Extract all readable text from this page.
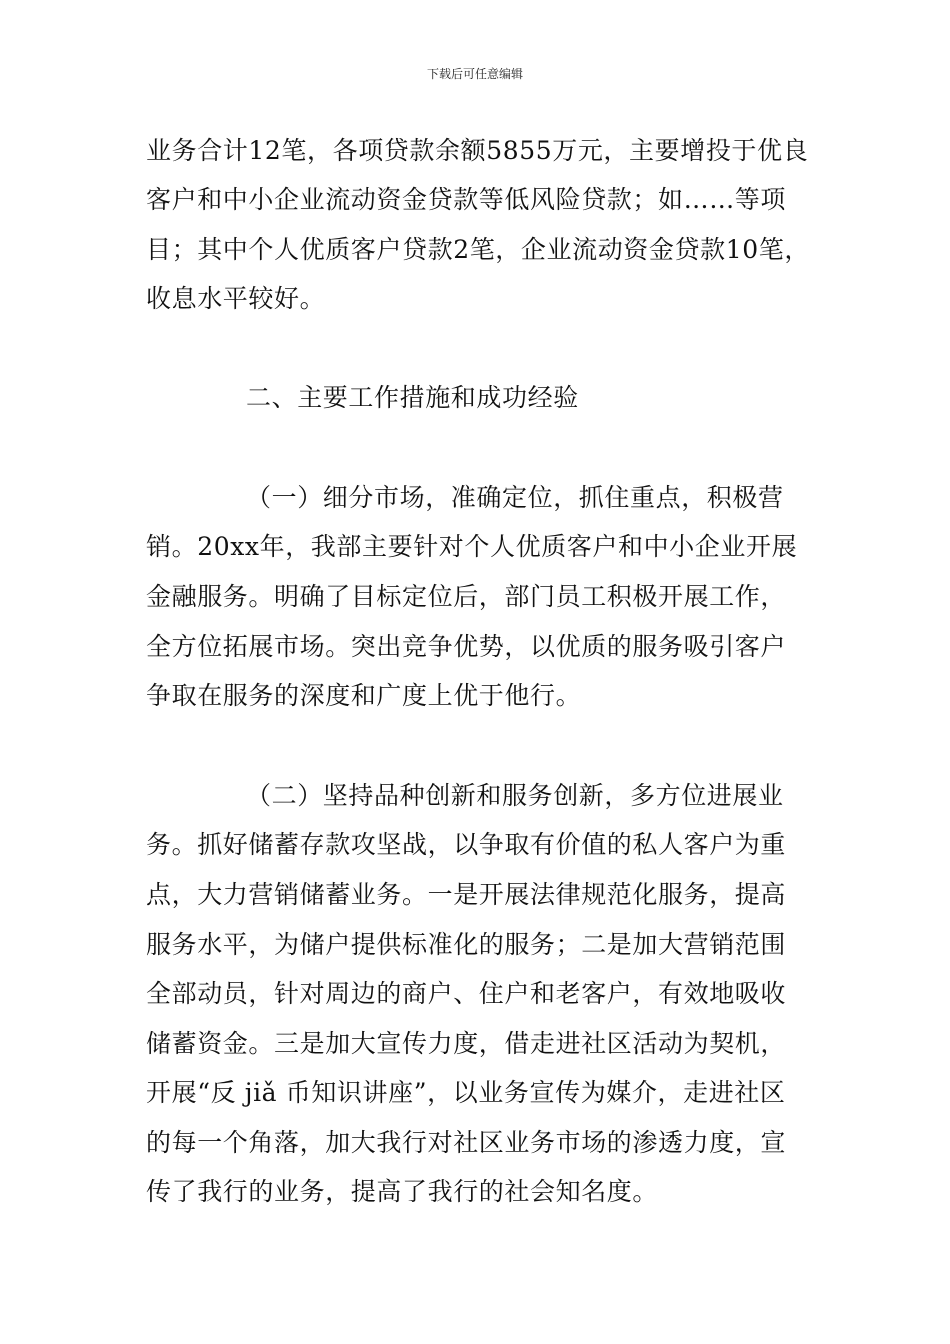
下载后可任意编辑
业务合计12笔，各项贷款余额5855万元，主要增投于优良
客户和中小企业流动资金贷款等低风险贷款；如……等项
目；其中个人优质客户贷款2笔，企业流动资金贷款10笔，
收息水平较好。
二、主要工作措施和成功经验
（一）细分市场，准确定位，抓住重点，积极营
销。20xx年，我部主要针对个人优质客户和中小企业开展
金融服务。明确了目标定位后，部门员工积极开展工作，
全方位拓展市场。突出竞争优势，以优质的服务吸引客户
争取在服务的深度和广度上优于他行。
（二）坚持品种创新和服务创新，多方位进展业
务。抓好储蓄存款攻坚战，以争取有价值的私人客户为重
点，大力营销储蓄业务。一是开展法律规范化服务，提高
服务水平，为储户提供标准化的服务；二是加大营销范围
全部动员，针对周边的商户、住户和老客户，有效地吸收
储蓄资金。三是加大宣传力度，借走进社区活动为契机，
开展“反 jiǎ 币知识讲座”，以业务宣传为媒介，走进社区
的每一个角落，加大我行对社区业务市场的渗透力度，宣
传了我行的业务，提高了我行的社会知名度。
